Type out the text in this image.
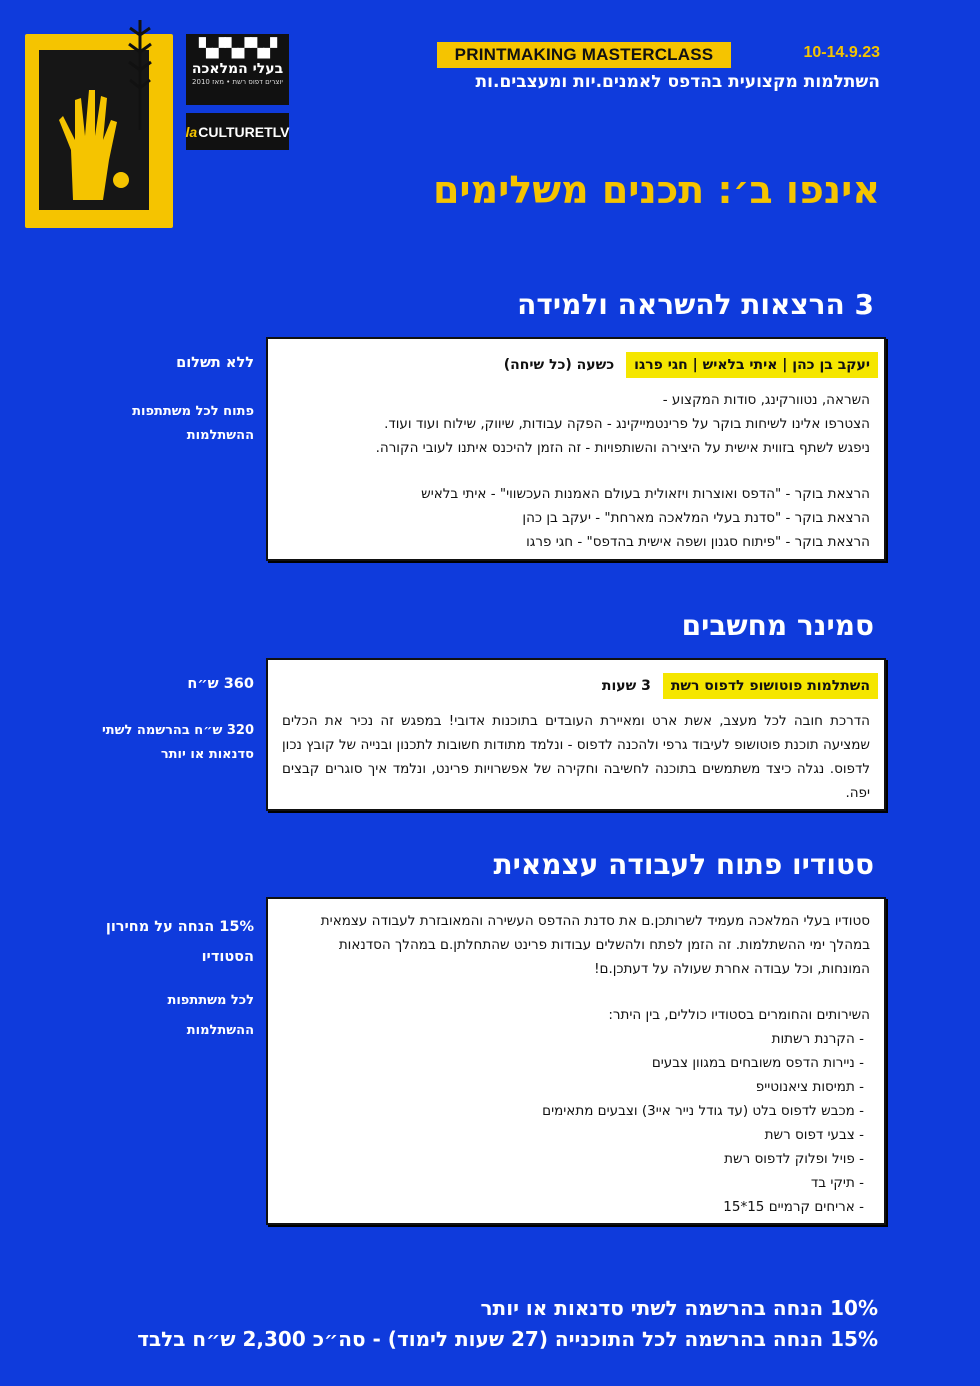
▞▚▞▚▞▚
בעלי המלאכה
יוצרים דפוס רשת • מאז 2010
la CULTURETLV
PRINTMAKING MASTERCLASS	10-14.9.23
השתלמות מקצועית בהדפס לאמנים.יות ומעצבים.ות
אינפו ב׳: תכנים משלימים
3 הרצאות להשראה ולמידה
יעקב בן כהן | איתי בלאיש | חגי פרגו
כשעה (כל שיחה)

השראה, נטוורקינג, סודות המקצוע -

הצטרפו אלינו לשיחות בוקר על פרינטמייקינג - הפקה עבודות, שיווק, שילוח ועוד ועוד.

ניפגש לשתף בזווית אישית על היצירה והשותפויות - זה הזמן להיכנס איתנו לעובי הקורה.

הרצאת בוקר - "הדפס ואוצרות ויזאולית בעולם האמנות העכשווי" - איתי בלאיש

הרצאת בוקר - "סדנת בעלי המלאכה מארחת" - יעקב בן כהן

הרצאת בוקר - "פיתוח סגנון ושפה אישית בהדפס" - חגי פרגו

ללא תשלום
פתוח לכל משתתפות ההשתלמות
סמינר מחשבים
השתלמות פוטושופ לדפוס רשת
3 שעות

הדרכת חובה לכל מעצב, אשת ארט ומאיירת העובדים בתוכנות אדובי! במפגש זה נכיר את הכלים שמציעה תוכנת פוטושופ לעיבוד גרפי ולהכנה לדפוס - ונלמד מתודות חשובות לתכנון ובנייה של קובץ נכון לדפוס. נגלה כיצד משתמשים בתוכנה לחשיבה וחקירה של אפשרויות פרינט, ונלמד איך סוגרים קבצים יפה.

360 ש״ח
320 ש״ח בהרשמה לשתי סדנאות או יותר
סטודיו פתוח לעבודה עצמאית

סטודיו בעלי המלאכה מעמיד לשרותכן.ם את סדנת ההדפס העשירה והמאובזרת לעבודה עצמאית במהלך ימי ההשתלמות. זה הזמן לפתח ולהשלים עבודות פרינט שהתחלתן.ם במהלך הסדנאות המונחות, וכל עבודה אחרת שעולה על דעתכן.ם!

השירותים והחומרים בסטודיו כוללים, בין היתר:

- הקרנת רשתות
- ניירות הדפס משובחים במגוון צבעים
- תמיסות ציאנוטייפ
- מכבש לדפוס בלט (עד גודל נייר איי3) וצבעים מתאימים
- צבעי דפוס רשת
- פויל ופלוק לדפוס רשת
- תיקי בד
- אריחים קרמיים 15*15
15% הנחה על מחירון הסטודיו
לכל משתתפות ההשתלמות
10% הנחה בהרשמה לשתי סדנאות או יותר
15% הנחה בהרשמה לכל התוכנייה (27 שעות לימוד) - סה״כ 2,300 ש״ח בלבד
